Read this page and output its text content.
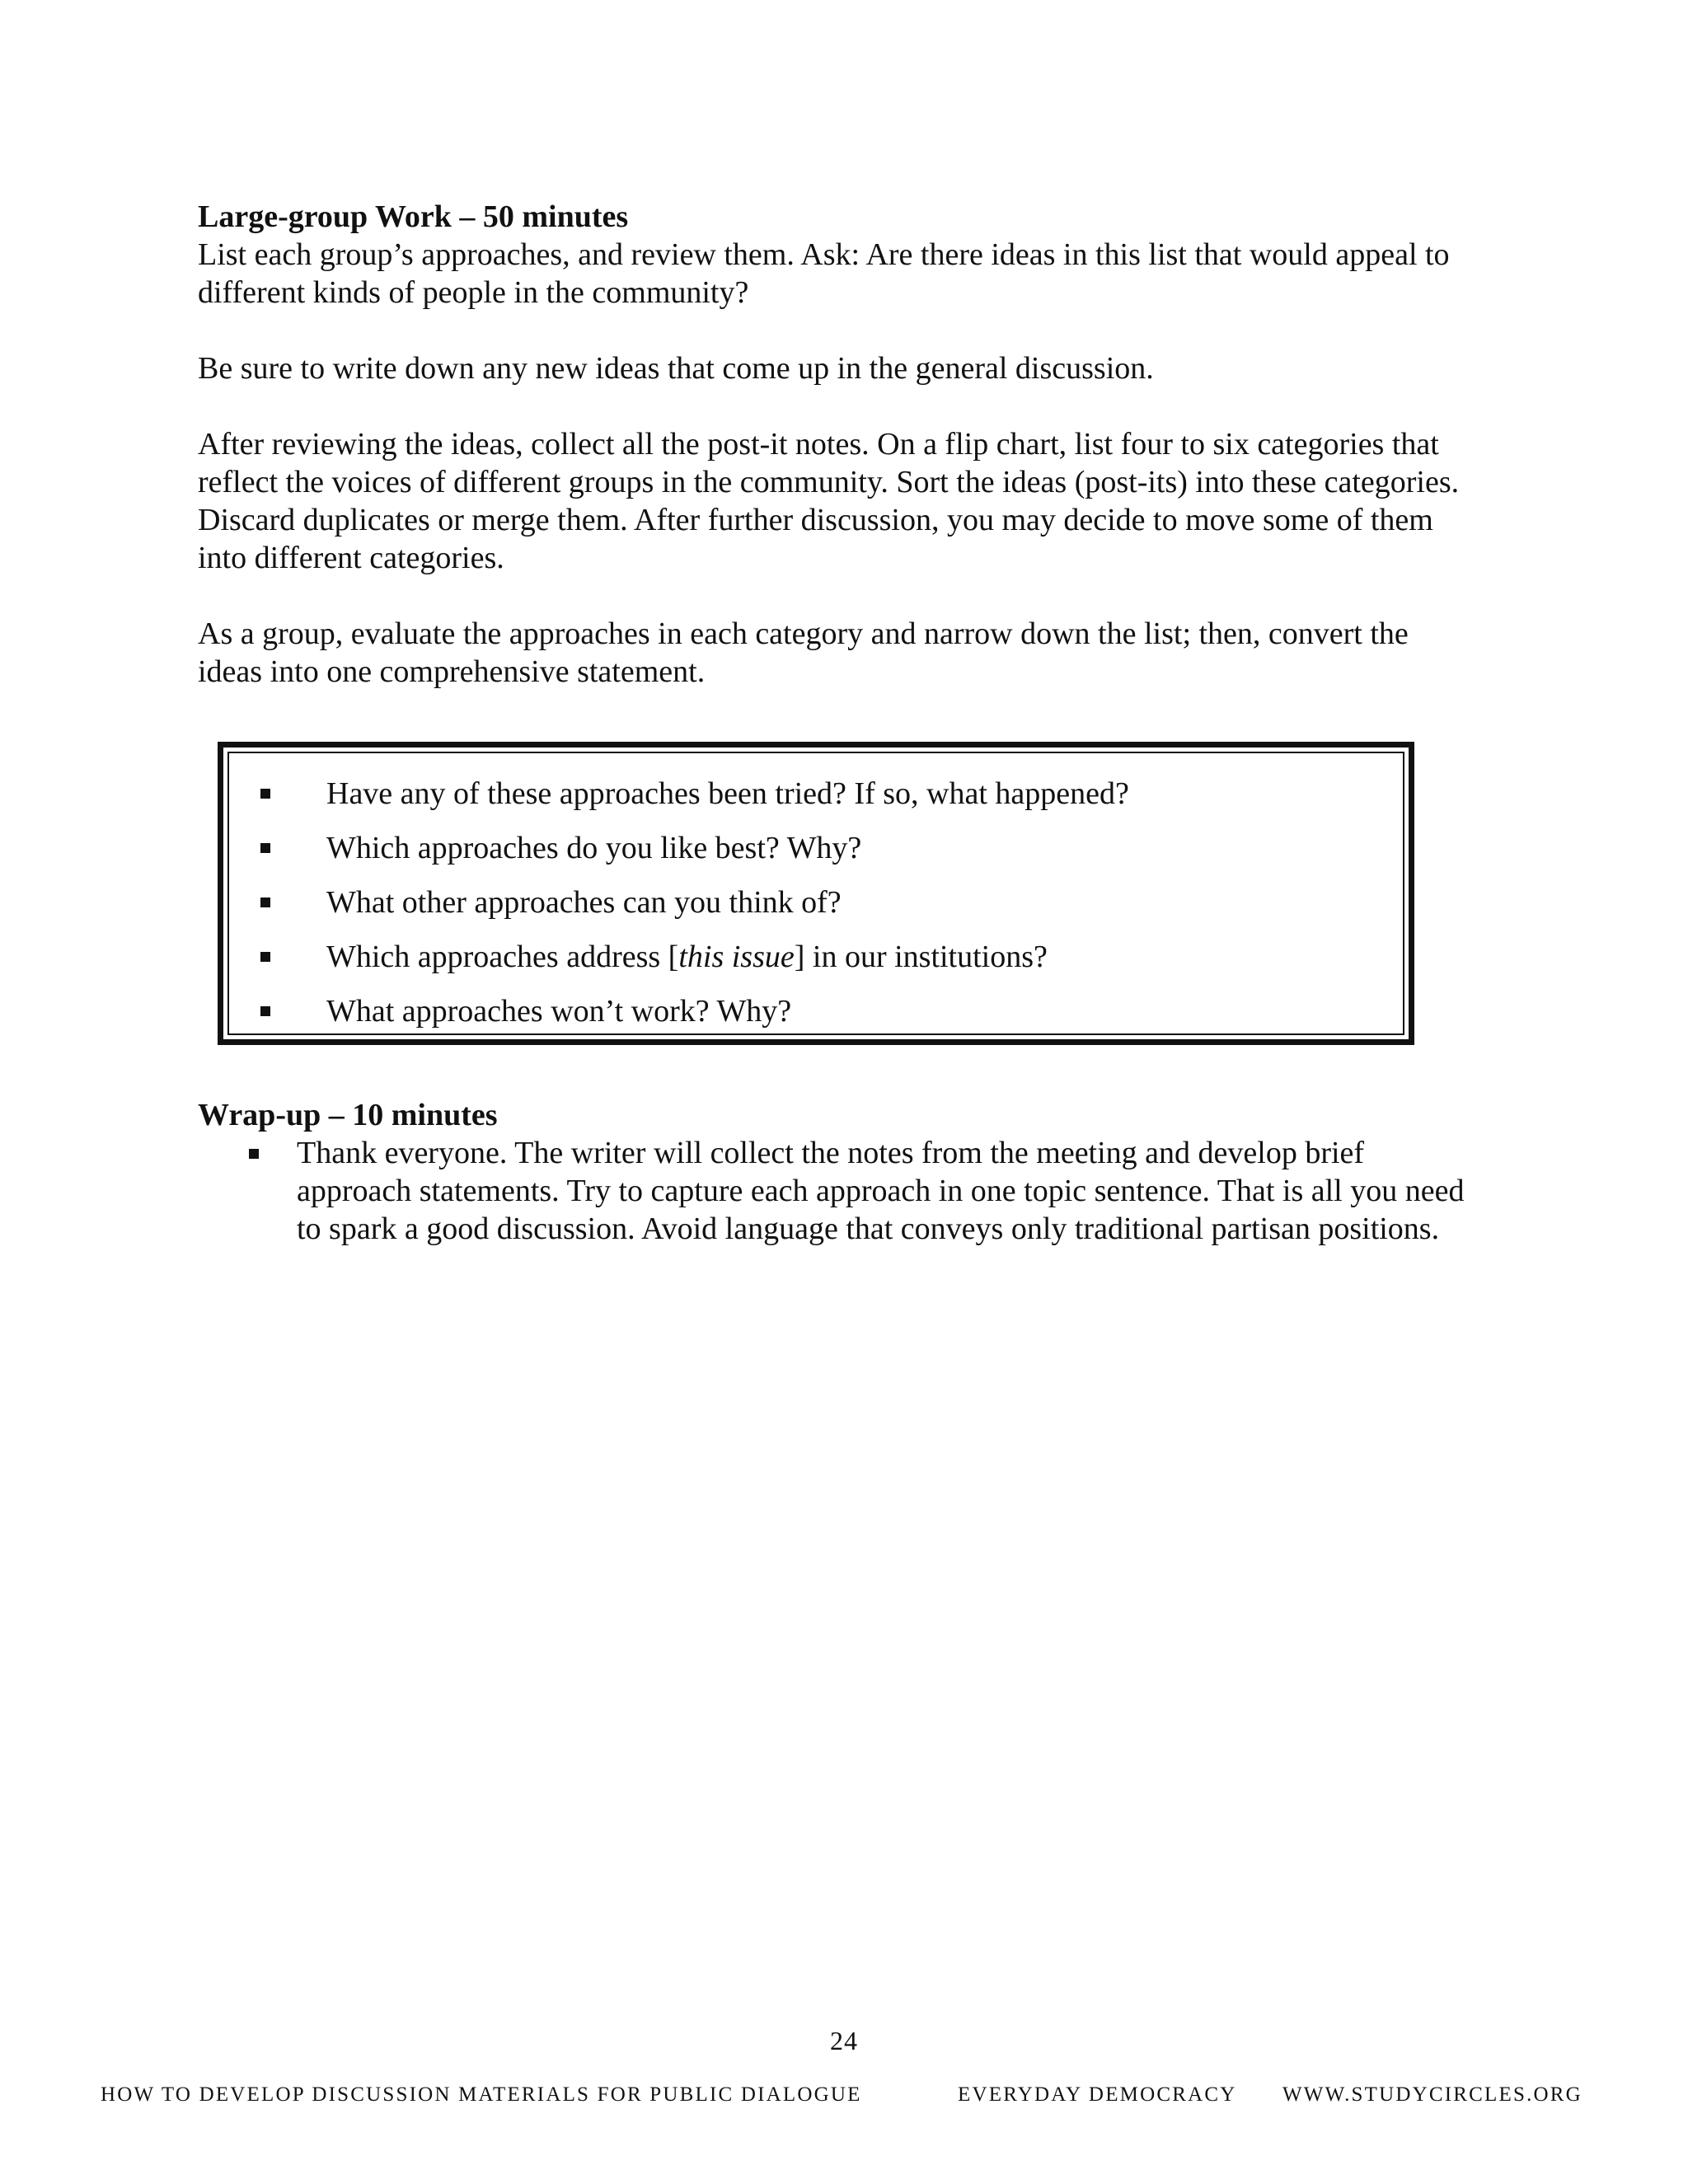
Large-group Work – 50 minutes

List each group’s approaches, and review them. Ask: Are there ideas in this list that would appeal to different kinds of people in the community?

Be sure to write down any new ideas that come up in the general discussion.

After reviewing the ideas, collect all the post-it notes. On a flip chart, list four to six categories that reflect the voices of different groups in the community. Sort the ideas (post-its) into these categories. Discard duplicates or merge them. After further discussion, you may decide to move some of them into different categories.

As a group, evaluate the approaches in each category and narrow down the list; then, convert the ideas into one comprehensive statement.

Have any of these approaches been tried? If so, what happened?
Which approaches do you like best? Why?
What other approaches can you think of?
Which approaches address [this issue] in our institutions?
What approaches won’t work? Why?

Wrap-up – 10 minutes

Thank everyone. The writer will collect the notes from the meeting and develop brief approach statements. Try to capture each approach in one topic sentence. That is all you need to spark a good discussion. Avoid language that conveys only traditional partisan positions.

24
HOW TO DEVELOP DISCUSSION MATERIALS FOR PUBLIC DIALOGUE	EVERYDAY DEMOCRACY WWW.STUDYCIRCLES.ORG
